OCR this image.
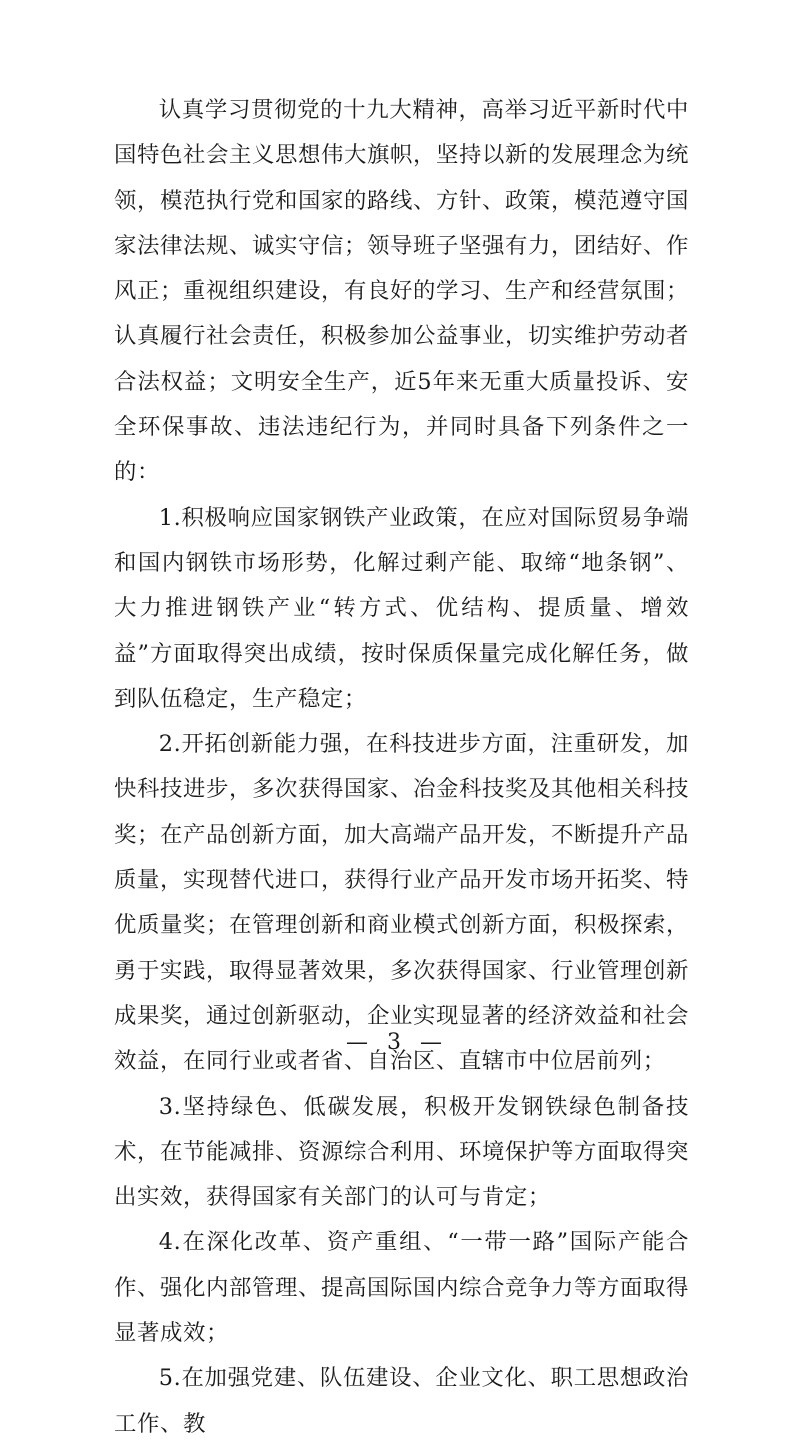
认真学习贯彻党的十九大精神，高举习近平新时代中国特色社会主义思想伟大旗帜，坚持以新的发展理念为统领，模范执行党和国家的路线、方针、政策，模范遵守国家法律法规、诚实守信；领导班子坚强有力，团结好、作风正；重视组织建设，有良好的学习、生产和经营氛围；认真履行社会责任，积极参加公益事业，切实维护劳动者合法权益；文明安全生产，近5年来无重大质量投诉、安全环保事故、违法违纪行为，并同时具备下列条件之一的：

1.积极响应国家钢铁产业政策，在应对国际贸易争端和国内钢铁市场形势，化解过剩产能、取缔“地条钢”、大力推进钢铁产业“转方式、优结构、提质量、增效益”方面取得突出成绩，按时保质保量完成化解任务，做到队伍稳定，生产稳定；

2.开拓创新能力强，在科技进步方面，注重研发，加快科技进步，多次获得国家、冶金科技奖及其他相关科技奖；在产品创新方面，加大高端产品开发，不断提升产品质量，实现替代进口，获得行业产品开发市场开拓奖、特优质量奖；在管理创新和商业模式创新方面，积极探索，勇于实践，取得显著效果，多次获得国家、行业管理创新成果奖，通过创新驱动，企业实现显著的经济效益和社会效益，在同行业或者省、自治区、直辖市中位居前列；

3.坚持绿色、低碳发展，积极开发钢铁绿色制备技术，在节能减排、资源综合利用、环境保护等方面取得突出实效，获得国家有关部门的认可与肯定；

4.在深化改革、资产重组、“一带一路”国际产能合作、强化内部管理、提高国际国内综合竞争力等方面取得显著成效；

5.在加强党建、队伍建设、企业文化、职工思想政治工作、教

— 3 —
